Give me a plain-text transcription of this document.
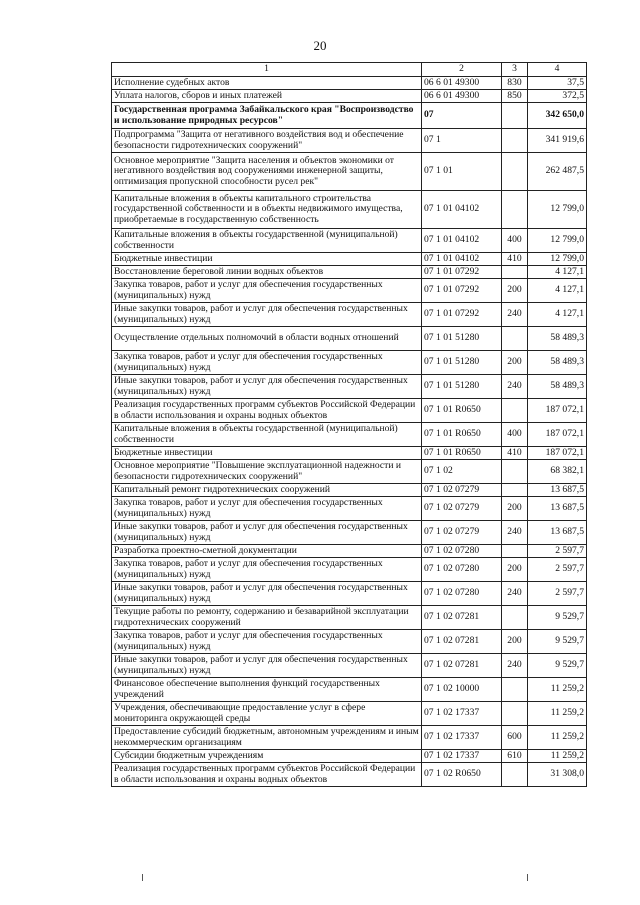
20
1	2	3	4
Исполнение судебных актов	06 6 01 49300	830	37,5
Уплата налогов, сборов и иных платежей	06 6 01 49300	850	372,5
Государственная программа Забайкальского края "Воспроизводство и использование природных ресурсов"	07		342 650,0
Подпрограмма "Защита от негативного воздействия вод и обеспечение безопасности гидротехнических сооружений"	07 1		341 919,6
Основное мероприятие "Защита населения и объектов экономики от негативного воздействия вод сооружениями инженерной защиты, оптимизация пропускной способности русел рек"	07 1 01		262 487,5
Капитальные вложения в объекты капитального строительства государственной собственности и в объекты недвижимого имущества, приобретаемые в государственную собственность	07 1 01 04102		12 799,0
Капитальные вложения в объекты государственной (муниципальной) собственности	07 1 01 04102	400	12 799,0
Бюджетные инвестиции	07 1 01 04102	410	12 799,0
Восстановление береговой линии водных объектов	07 1 01 07292		4 127,1
Закупка товаров, работ и услуг для обеспечения государственных (муниципальных) нужд	07 1 01 07292	200	4 127,1
Иные закупки товаров, работ и услуг для обеспечения государственных (муниципальных) нужд	07 1 01 07292	240	4 127,1
Осуществление отдельных полномочий в области водных отношений	07 1 01 51280		58 489,3
Закупка товаров, работ и услуг для обеспечения государственных (муниципальных) нужд	07 1 01 51280	200	58 489,3
Иные закупки товаров, работ и услуг для обеспечения государственных (муниципальных) нужд	07 1 01 51280	240	58 489,3
Реализация государственных программ субъектов Российской Федерации в области использования и охраны водных объектов	07 1 01 R0650		187 072,1
Капитальные вложения в объекты государственной (муниципальной) собственности	07 1 01 R0650	400	187 072,1
Бюджетные инвестиции	07 1 01 R0650	410	187 072,1
Основное мероприятие "Повышение эксплуатационной надежности и безопасности гидротехнических сооружений"	07 1 02		68 382,1
Капитальный ремонт гидротехнических сооружений	07 1 02 07279		13 687,5
Закупка товаров, работ и услуг для обеспечения государственных (муниципальных) нужд	07 1 02 07279	200	13 687,5
Иные закупки товаров, работ и услуг для обеспечения государственных (муниципальных) нужд	07 1 02 07279	240	13 687,5
Разработка проектно-сметной документации	07 1 02 07280		2 597,7
Закупка товаров, работ и услуг для обеспечения государственных (муниципальных) нужд	07 1 02 07280	200	2 597,7
Иные закупки товаров, работ и услуг для обеспечения государственных (муниципальных) нужд	07 1 02 07280	240	2 597,7
Текущие работы по ремонту, содержанию и безаварийной эксплуатации гидротехнических сооружений	07 1 02 07281		9 529,7
Закупка товаров, работ и услуг для обеспечения государственных (муниципальных) нужд	07 1 02 07281	200	9 529,7
Иные закупки товаров, работ и услуг для обеспечения государственных (муниципальных) нужд	07 1 02 07281	240	9 529,7
Финансовое обеспечение выполнения функций государственных учреждений	07 1 02 10000		11 259,2
Учреждения, обеспечивающие предоставление услуг в сфере мониторинга окружающей среды	07 1 02 17337		11 259,2
Предоставление субсидий бюджетным, автономным учреждениям и иным некоммерческим организациям	07 1 02 17337	600	11 259,2
Субсидии бюджетным учреждениям	07 1 02 17337	610	11 259,2
Реализация государственных программ субъектов Российской Федерации в области использования и охраны водных объектов	07 1 02 R0650		31 308,0
